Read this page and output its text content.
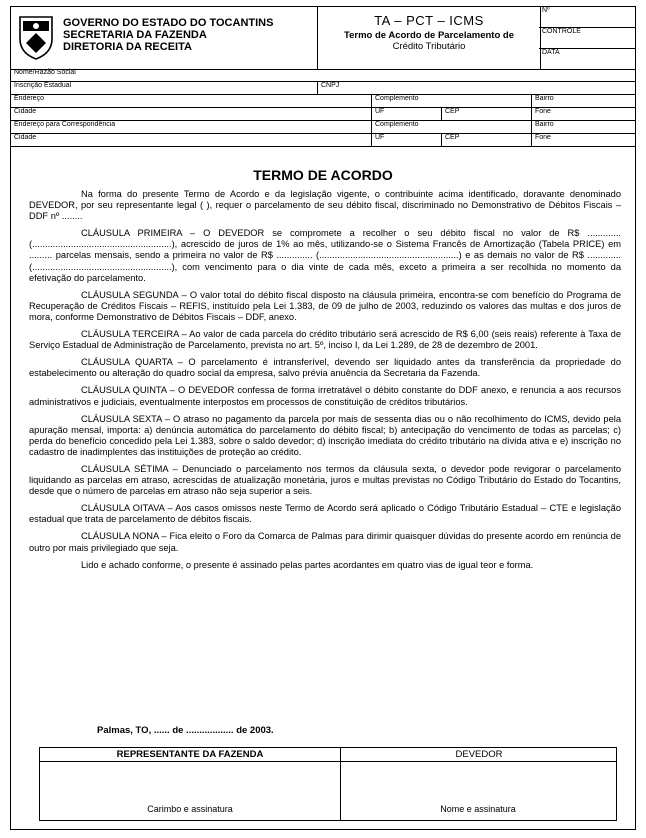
GOVERNO DO ESTADO DO TOCANTINS
SECRETARIA DA FAZENDA
DIRETORIA DA RECEITA
TA – PCT – ICMS
Termo de Acordo de Parcelamento de
Crédito Tributário
Nº
CONTROLE
DATA
Nome/Razão Social
Inscrição Estadual	CNPJ
Endereço	Complemento	Bairro
Cidade	UF	CEP	Fone
Endereço para Correspondência	Complemento	Bairro
Cidade	UF	CEP	Fone
TERMO DE ACORDO

Na forma do presente Termo de Acordo e da legislação vigente, o contribuinte acima identificado, doravante denominado DEVEDOR, por seu representante legal ( ), requer o parcelamento de seu débito fiscal, discriminado no Demonstrativo de Débitos Fiscais – DDF nº ........

CLÁUSULA PRIMEIRA – O DEVEDOR se compromete a recolher o seu débito fiscal no valor de R$ ............. (......................................................), acrescido de juros de 1% ao mês, utilizando-se o Sistema Francês de Amortização (Tabela PRICE) em ......... parcelas mensais, sendo a primeira no valor de R$ .............. (......................................................) e as demais no valor de R$ ............. (......................................................), com vencimento para o dia vinte de cada mês, exceto a primeira a ser recolhida no momento da efetivação do parcelamento.

CLÁUSULA SEGUNDA – O valor total do débito fiscal disposto na cláusula primeira, encontra-se com benefício do Programa de Recuperação de Créditos Fiscais – REFIS, instituído pela Lei 1.383, de 09 de julho de 2003, reduzindo os valores das multas e dos juros de mora, conforme Demonstrativo de Débitos Fiscais – DDF, anexo.

CLÁUSULA TERCEIRA – Ao valor de cada parcela do crédito tributário será acrescido de R$ 6,00 (seis reais) referente à Taxa de Serviço Estadual de Administração de Parcelamento, prevista no art. 5º, inciso I, da Lei 1.289, de 28 de dezembro de 2001.

CLÁUSULA QUARTA – O parcelamento é intransferível, devendo ser liquidado antes da transferência da propriedade do estabelecimento ou alteração do quadro social da empresa, salvo prévia anuência da Secretaria da Fazenda.

CLÁUSULA QUINTA – O DEVEDOR confessa de forma irretratável o débito constante do DDF anexo, e renuncia a aos recursos administrativos e judiciais, eventualmente interpostos em processos de constituição de créditos tributários.

CLÁUSULA SEXTA – O atraso no pagamento da parcela por mais de sessenta dias ou o não recolhimento do ICMS, devido pela apuração mensal, importa: a) denúncia automática do parcelamento do débito fiscal; b) antecipação do vencimento de todas as parcelas; c) perda do benefício concedido pela Lei 1.383, sobre o saldo devedor; d) inscrição imediata do crédito tributário na dívida ativa e e) inscrição no cadastro de inadimplentes das instituições de proteção ao crédito.

CLÁUSULA SÉTIMA – Denunciado o parcelamento nos termos da cláusula sexta, o devedor pode revigorar o parcelamento liquidando as parcelas em atraso, acrescidas de atualização monetária, juros e multas previstas no Código Tributário do Estado do Tocantins, desde que o número de parcelas em atraso não seja superior a seis.

CLÁUSULA OITAVA – Aos casos omissos neste Termo de Acordo será aplicado o Código Tributário Estadual – CTE e legislação estadual que trata de parcelamento de débitos fiscais.

CLÁUSULA NONA – Fica eleito o Foro da Comarca de Palmas para dirimir quaisquer dúvidas do presente acordo em renúncia de outro por mais privilegiado que seja.

Lido e achado conforme, o presente é assinado pelas partes acordantes em quatro vias de igual teor e forma.

Palmas, TO, ...... de .................. de 2003.
REPRESENTANTE DA FAZENDA	DEVEDOR
Carimbo e assinatura	Nome e assinatura
